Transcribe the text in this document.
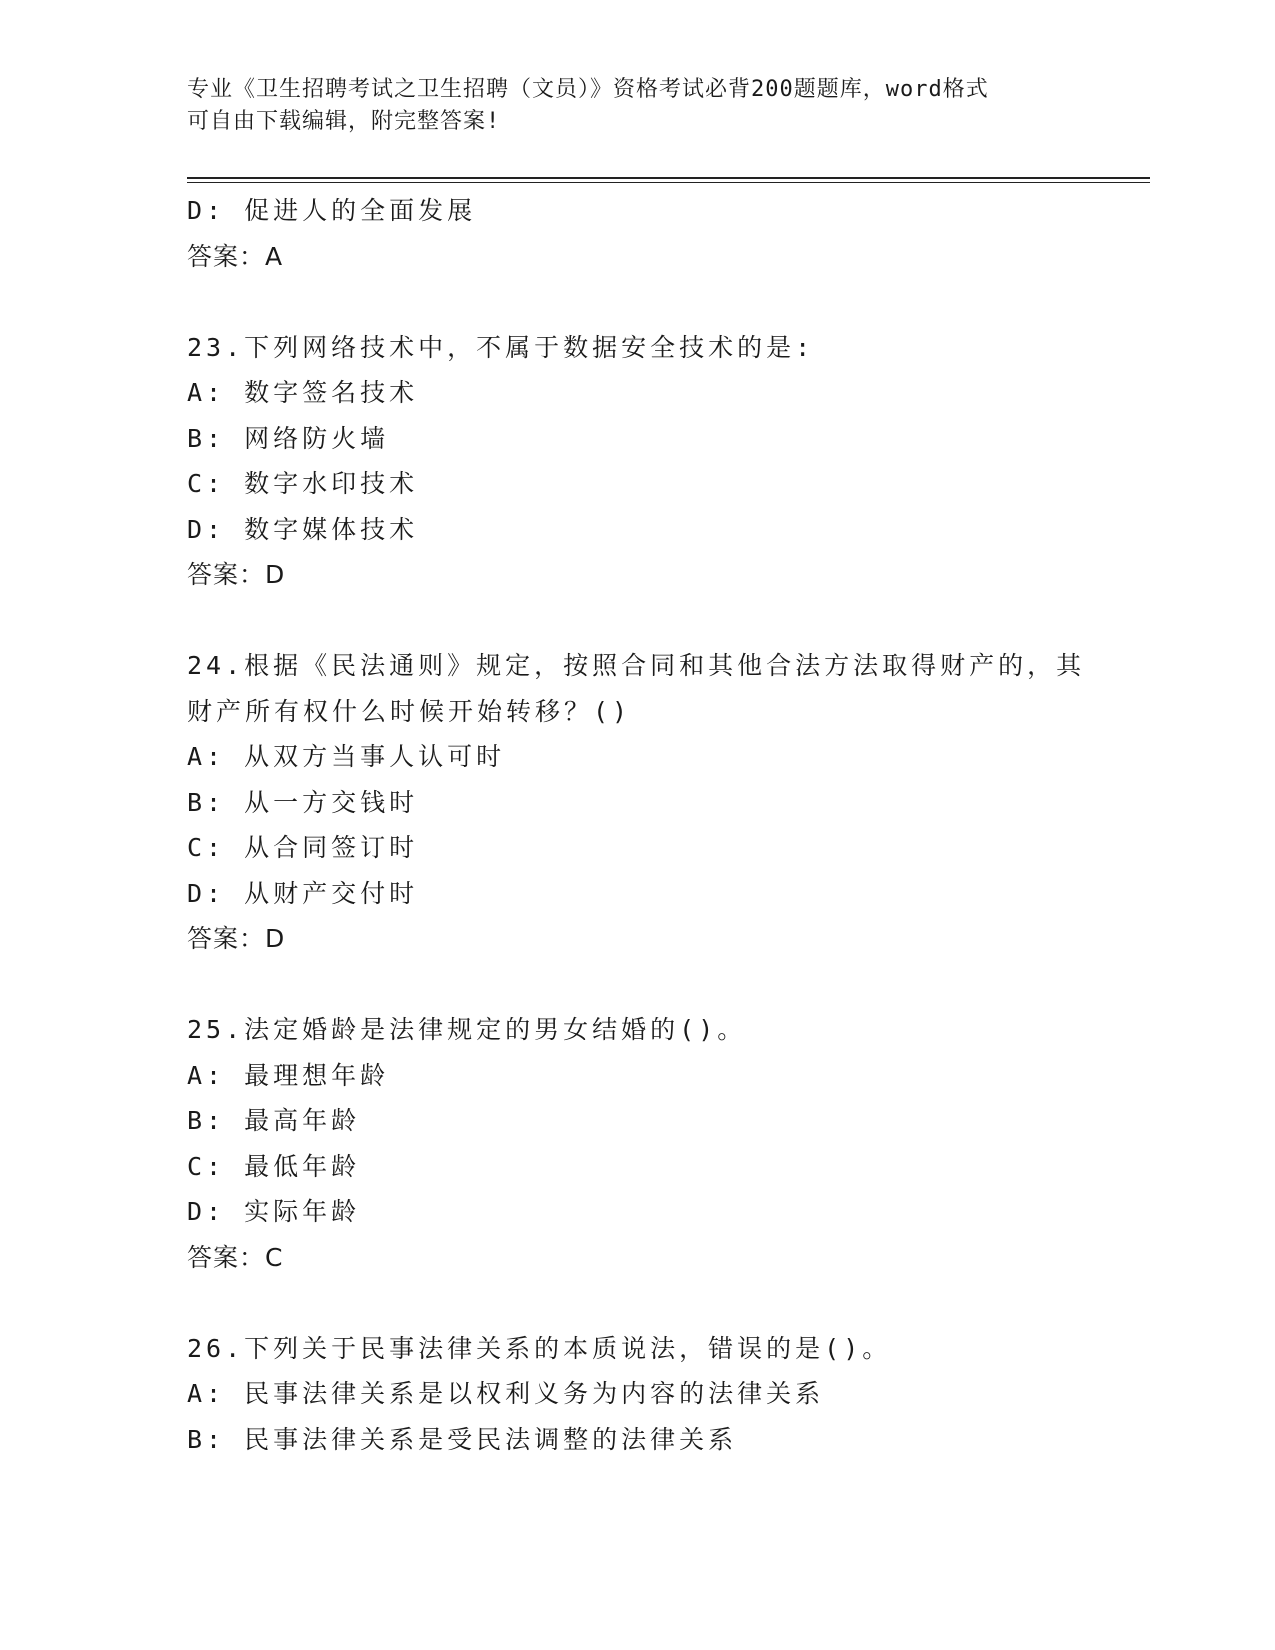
专业《卫生招聘考试之卫生招聘（文员）》资格考试必背200题题库，word格式
可自由下载编辑，附完整答案!
D: 促进人的全面发展
答案：A
23.下列网络技术中，不属于数据安全技术的是:
A: 数字签名技术
B: 网络防火墙
C: 数字水印技术
D: 数字媒体技术
答案：D
24.根据《民法通则》规定，按照合同和其他合法方法取得财产的，其
财产所有权什么时候开始转移？()
A: 从双方当事人认可时
B: 从一方交钱时
C: 从合同签订时
D: 从财产交付时
答案：D
25.法定婚龄是法律规定的男女结婚的()。
A: 最理想年龄
B: 最高年龄
C: 最低年龄
D: 实际年龄
答案：C
26.下列关于民事法律关系的本质说法，错误的是()。
A: 民事法律关系是以权利义务为内容的法律关系
B: 民事法律关系是受民法调整的法律关系
